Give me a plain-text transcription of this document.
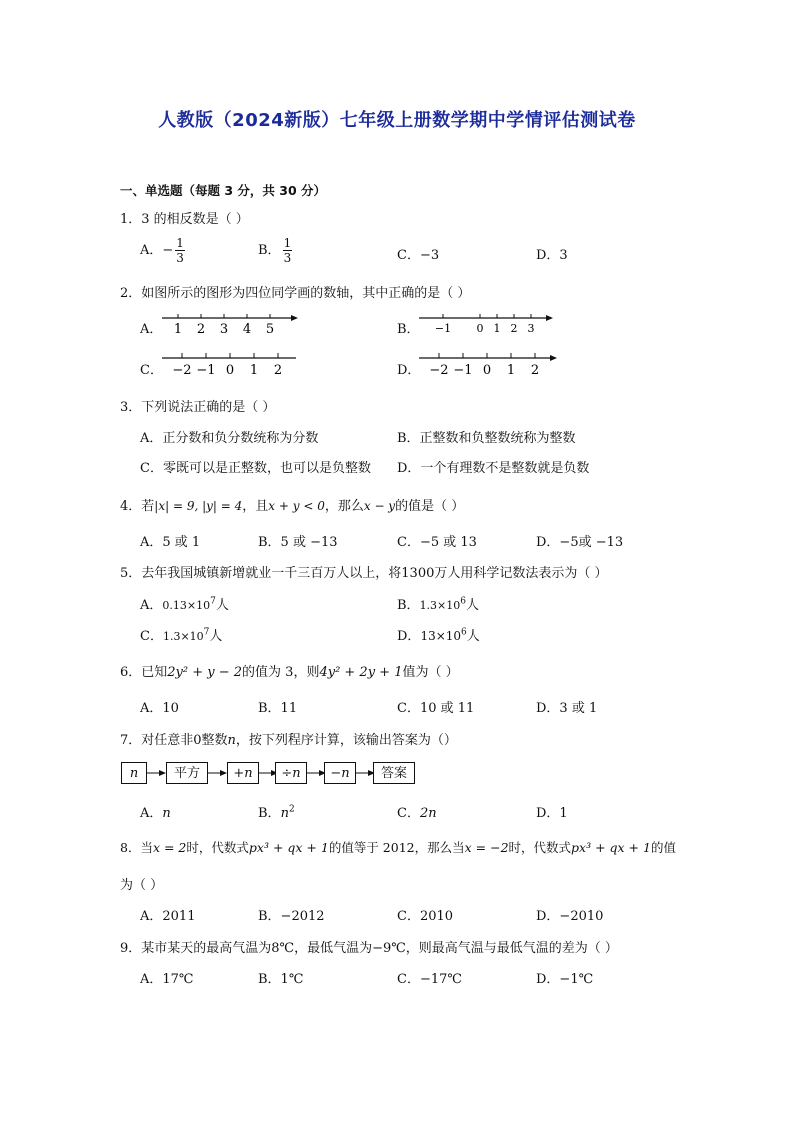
人教版（2024新版）七年级上册数学期中学情评估测试卷
一、单选题（每题 3 分，共 30 分）
1．3 的相反数是（ ）
A．− $\frac{1}{3}$	B． $\frac{1}{3}$	C．−3	D．3
2．如图所示的图形为四位同学画的数轴，其中正确的是（ ）
A． 1 2 3 4 5	B． −1 0 1 2 3
C． −2 −1 0 1 2	D． −2 −1 0 1 2
3．下列说法正确的是（ ）
A．正分数和负分数统称为分数	B．正整数和负整数统称为整数
C．零既可以是正整数，也可以是负整数 D．一个有理数不是整数就是负数
4．若|x| = 9, |y| = 4，且x + y < 0，那么x − y的值是（ ）
A．5 或 1	B．5 或 −13	C．−5 或 13	D．−5或 −13
5．去年我国城镇新增就业一千三百万人以上，将1300万人用科学记数法表示为（ ）
A．$0.13\times 10^7$人	B．$1.3\times 10^6$人
C．$1.3\times 10^7$人	D．$13\times 10^6$人
6．已知2y² + y − 2的值为 3，则4y² + 2y + 1值为（ ）
A．10	B．11	C．10 或 11	D．3 或 1
7．对任意非0整数n，按下列程序计算，该输出答案为（）
n	平方	+n	÷n	−n	答案
A．n	B．$n^2$	C．2n	D．1
8．当x = 2时，代数式px³ + qx + 1的值等于 2012，那么当x = −2时，代数式px³ + qx + 1的值
为（ ）
A．2011	B．−2012	C．2010	D．−2010
9．某市某天的最高气温为8℃，最低气温为−9℃，则最高气温与最低气温的差为（ ）
A．17℃	B．1℃	C．−17℃	D．−1℃
